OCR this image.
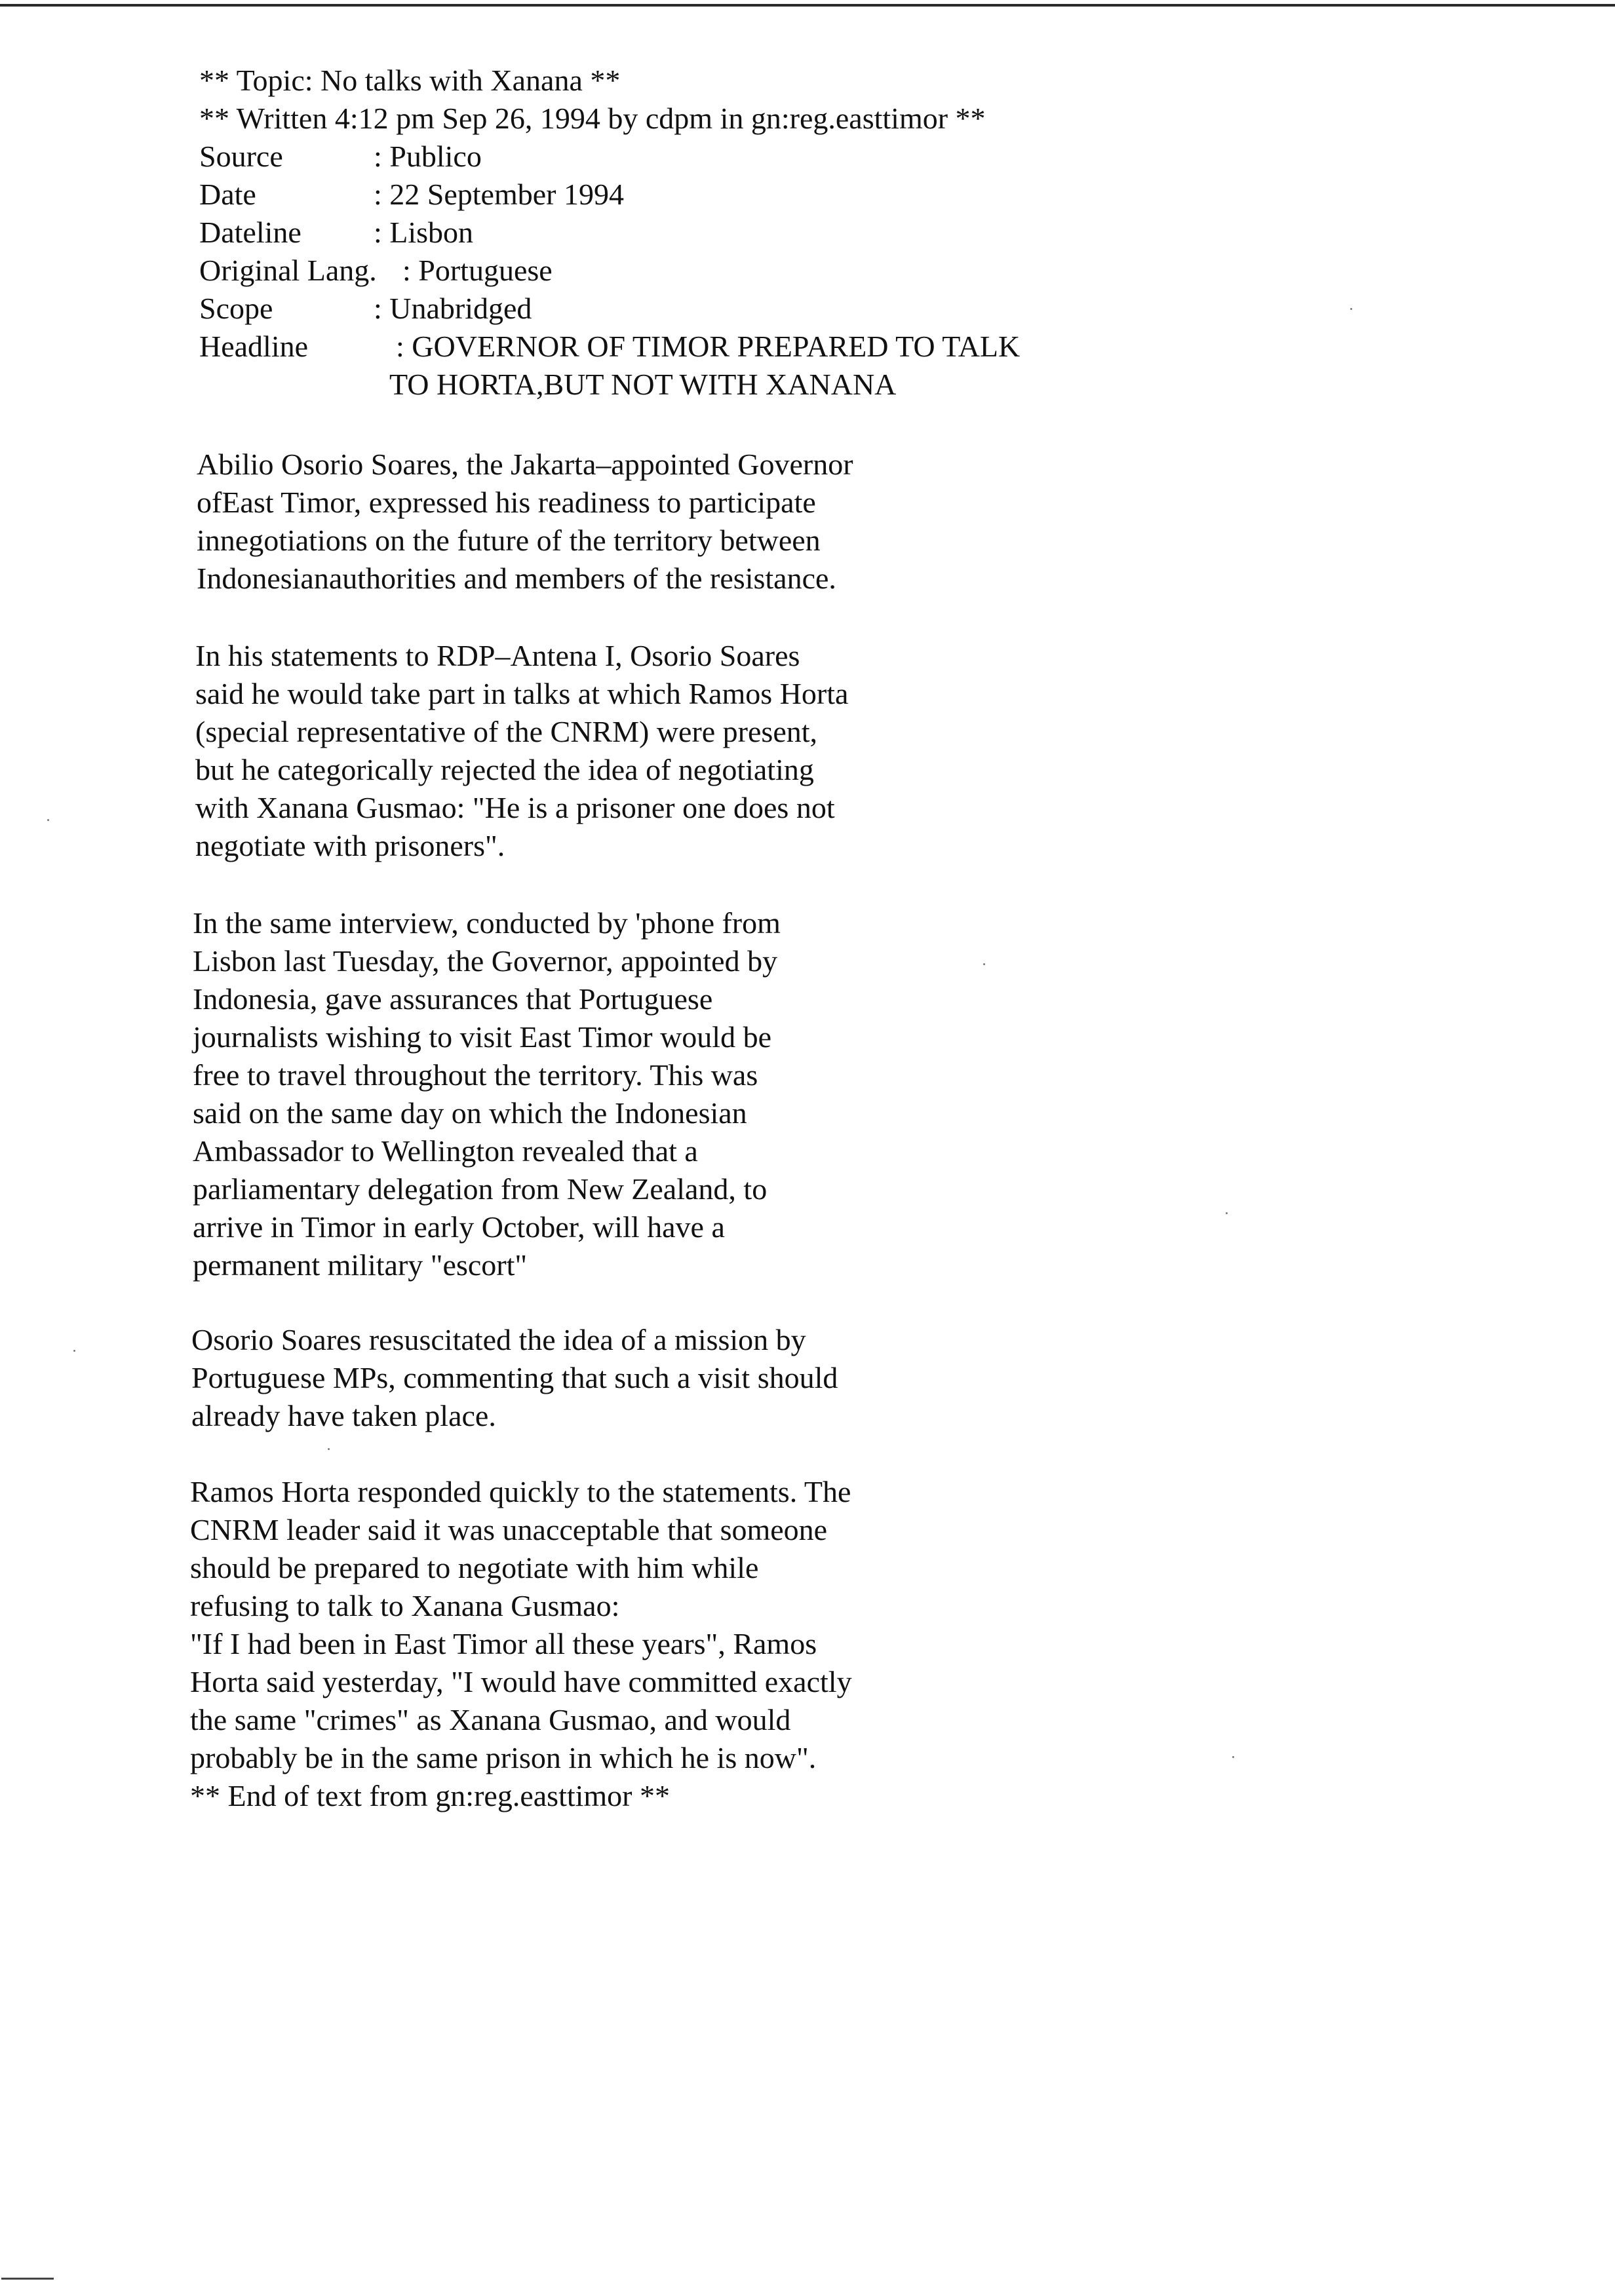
** Topic: No talks with Xanana **
** Written 4:12 pm Sep 26, 1994 by cdpm in gn:reg.easttimor **
Source	: Publico
Date	: 22 September 1994
Dateline : Lisbon
Original Lang. : Portuguese
Scope	: Unabridged
Headline	: GOVERNOR OF TIMOR PREPARED TO TALK
TO HORTA,BUT NOT WITH XANANA
Abilio Osorio Soares, the Jakarta–appointed Governor
ofEast Timor, expressed his readiness to participate
innegotiations on the future of the territory between
Indonesianauthorities and members of the resistance.
In his statements to RDP–Antena I, Osorio Soares
said he would take part in talks at which Ramos Horta
(special representative of the CNRM) were present,
but he categorically rejected the idea of negotiating
with Xanana Gusmao: "He is a prisoner one does not
negotiate with prisoners".
In the same interview, conducted by 'phone from
Lisbon last Tuesday, the Governor, appointed by
Indonesia, gave assurances that Portuguese
journalists wishing to visit East Timor would be
free to travel throughout the territory. This was
said on the same day on which the Indonesian
Ambassador to Wellington revealed that a
parliamentary delegation from New Zealand, to
arrive in Timor in early October, will have a
permanent military "escort"
Osorio Soares resuscitated the idea of a mission by
Portuguese MPs, commenting that such a visit should
already have taken place.
Ramos Horta responded quickly to the statements. The
CNRM leader said it was unacceptable that someone
should be prepared to negotiate with him while
refusing to talk to Xanana Gusmao:
"If I had been in East Timor all these years", Ramos
Horta said yesterday, "I would have committed exactly
the same "crimes" as Xanana Gusmao, and would
probably be in the same prison in which he is now".
** End of text from gn:reg.easttimor **
